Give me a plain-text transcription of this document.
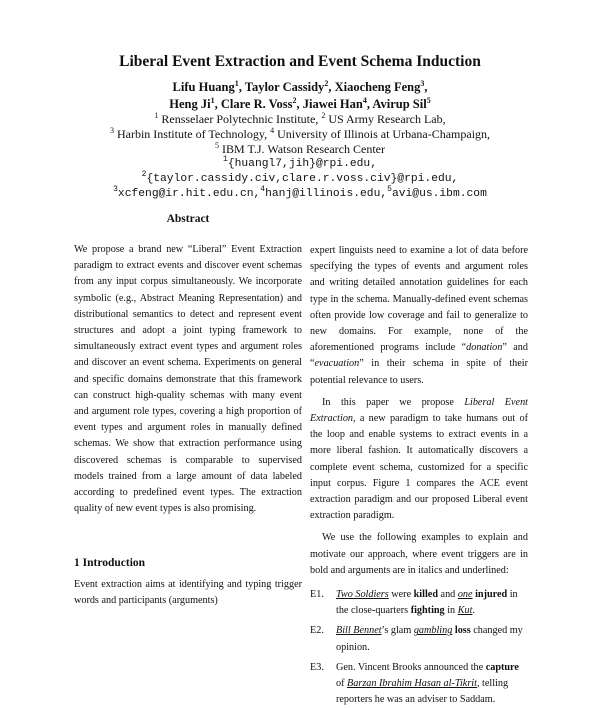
Liberal Event Extraction and Event Schema Induction
Lifu Huang$^1$, Taylor Cassidy$^2$, Xiaocheng Feng$^3$,
Heng Ji$^1$, Clare R. Voss$^2$, Jiawei Han$^4$, Avirup Sil$^5$
$^1$ Rensselaer Polytechnic Institute, $^2$ US Army Research Lab,
$^3$ Harbin Institute of Technology, $^4$ University of Illinois at Urbana-Champaign,
$^5$ IBM T.J. Watson Research Center
$^1${huangl7,jih}@rpi.edu,
$^2${taylor.cassidy.civ,clare.r.voss.civ}@rpi.edu,
$^3$xcfeng@ir.hit.edu.cn,$^4$hanj@illinois.edu,$^5$avi@us.ibm.com
Abstract

We propose a brand new “Liberal” Event Extraction paradigm to extract events and discover event schemas from any input corpus simultaneously. We incorporate symbolic (e.g., Abstract Meaning Representation) and distributional semantics to detect and represent event structures and adopt a joint typing framework to simultaneously extract event types and argument roles and discover an event schema. Experiments on general and specific domains demonstrate that this framework can construct high-quality schemas with many event and argument role types, covering a high proportion of event types and argument roles in manually defined schemas. We show that extraction performance using discovered schemas is comparable to supervised models trained from a large amount of data labeled according to predefined event types. The extraction quality of new event types is also promising.

1 Introduction
Event extraction aims at identifying and typing trigger words and participants (arguments)

expert linguists need to examine a lot of data before specifying the types of events and argument roles and writing detailed annotation guidelines for each type in the schema. Manually-defined event schemas often provide low coverage and fail to generalize to new domains. For example, none of the aforementioned programs include “donation” and “evacuation” in their schema in spite of their potential relevance to users.

In this paper we propose Liberal Event Extraction, a new paradigm to take humans out of the loop and enable systems to extract events in a more liberal fashion. It automatically discovers a complete event schema, customized for a specific input corpus. Figure 1 compares the ACE event extraction paradigm and our proposed Liberal event extraction paradigm.

We use the following examples to explain and motivate our approach, where event triggers are in bold and arguments are in italics and underlined:

E1.	Two Soldiers were killed and one injured in the close-quarters fighting in Kut.
E2.	Bill Bennet’s glam gambling loss changed my opinion.
E3.	Gen. Vincent Brooks announced the capture of Barzan Ibrahim Hasan al-Tikrit, telling reporters he was an adviser to Saddam.
